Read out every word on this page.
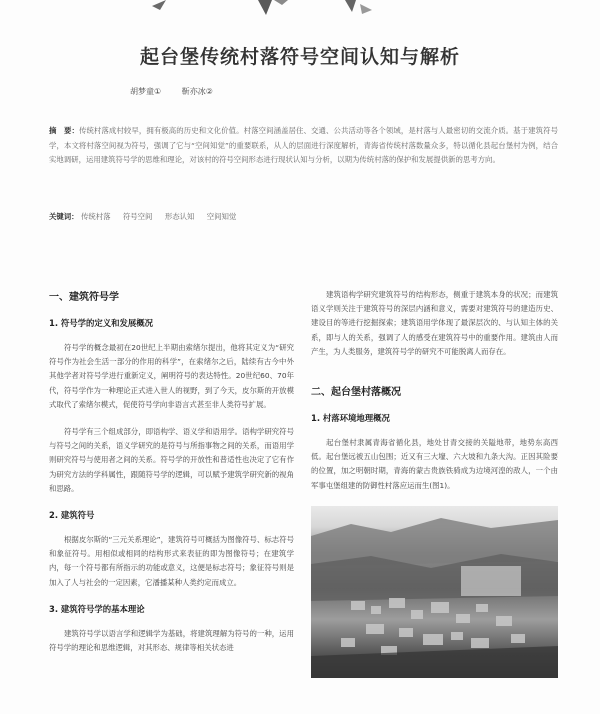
起台堡传统村落符号空间认知与解析
胡梦童①	靳亦冰②
摘　要：传统村落成村较早，拥有极高的历史和文化价值。村落空间涵盖居住、交通、公共活动等各个领域，是村落与人最密切的交流介质。基于建筑符号学，本文将村落空间视为符号，强调了它与“空间知觉”的重要联系，从人的层面进行深度解析，青海省传统村落数量众多，特以循化县起台堡村为例，结合实地调研，运用建筑符号学的思维和理论，对该村的符号空间形态进行现状认知与分析，以期为传统村落的保护和发展提供新的思考方向。
关键词： 传统村落 符号空间 形态认知 空间知觉
一、建筑符号学
1. 符号学的定义和发展概况
符号学的概念最初在20世纪上半期由索绪尔提出，他将其定义为“研究符号作为社会生活一部分的作用的科学”，在索绪尔之后，陆续有古今中外其他学者对符号学进行重新定义，阐明符号的表达特性。20世纪60、70年代，符号学作为一种理论正式进入世人的视野，到了今天，皮尔斯的开放模式取代了索绪尔模式，促使符号学向非语言式甚至非人类符号扩展。
符号学有三个组成部分，即语构学、语义学和语用学。语构学研究符号与符号之间的关系，语义学研究的是符号与所指事物之间的关系，而语用学则研究符号与使用者之间的关系。符号学的开放性和普适性也决定了它有作为研究方法的学科属性，跟随符号学的逻辑，可以赋予建筑学研究新的视角和思路。
2. 建筑符号
根据皮尔斯的“三元关系理论”，建筑符号可概括为图像符号、标志符号和象征符号。用相似或相同的结构形式来表征的即为图像符号；在建筑学内，每一个符号都有所指示的功能或意义，这便是标志符号；象征符号则是加入了人与社会的一定因素，它潘播某种人类约定而成立。
3. 建筑符号学的基本理论
建筑符号学以语言学和逻辑学为基础，将建筑理解为符号的一种，运用符号学的理论和思维逻辑，对其形态、规律等相关状态进
建筑语构学研究建筑符号的结构形态，侧重于建筑本身的状况；而建筑语义学则关注于建筑符号的深层内涵和意义，需要对建筑符号的建造历史、建设目的等进行挖掘探索；建筑语用学体现了最深层次的、与认知主体的关系，即与人的关系，强调了人的感受在建筑符号中的重要作用。建筑由人而产生，为人类服务，建筑符号学的研究不可能脱离人而存在。
二、起台堡村落概况
1. 村落环境地理概况
起台堡村隶属青海省循化县，地处甘青交接的关隘地带，地势东高西低。起台堡远被五山包围；近又有三大壕、六大坡和九条大沟。正因其险要的位置，加之明朝时期，青海的蒙古贵族铁骑成为边境河湟的敌人，一个由军事屯堡组建的防御性村落应运而生(图1)。
